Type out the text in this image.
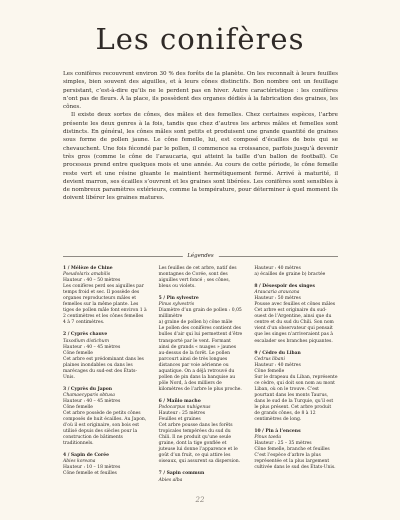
Les conifères

Les conifères recouvrent environ 30 % des forêts de la planète. On les reconnaît à leurs feuilles simples, bien souvent des aiguilles, et à leurs cônes distinctifs. Bon nombre ont un feuillage persistant, c’est-à-dire qu’ils ne le perdent pas en hiver. Autre caractéristique : les conifères n’ont pas de fleurs. À la place, ils possèdent des organes dédiés à la fabrication des graines, les cônes.

Il existe deux sortes de cônes, des mâles et des femelles. Chez certaines espèces, l’arbre présente les deux genres à la fois, tandis que chez d’autres les arbres mâles et femelles sont distincts. En général, les cônes mâles sont petits et produisent une grande quantité de graines sous forme de pollen jaune. Le cône femelle, lui, est composé d’écailles de bois qui se chevauchent. Une fois fécondé par le pollen, il commence sa croissance, parfois jusqu’à devenir très gros (comme le cône de l’araucaria, qui atteint la taille d’un ballon de football). Ce processus prend entre quelques mois et une année. Au cours de cette période, le cône femelle reste vert et une résine gluante le maintient hermétiquement fermé. Arrivé à maturité, il devient marron, ses écailles s’ouvrent et les graines sont libérées. Les conifères sont sensibles à de nombreux paramètres extérieurs, comme la température, pour déterminer à quel moment ils doivent libérer les graines matures.

Légendes
1 / Mélèze de Chine
Pseudolarix amabilis
Hauteur : 40 – 50 mètres
Les conifères perd ses aiguilles par temps froid et sec. Il possède des organes reproducteurs mâles et femelles sur la même plante. Les tiges de pollen mâle font environ 1 à 2 centimètres et les cônes femelles 4 à 7 centimètres.
2 / Cyprès chauve
Taxodium distichum
Hauteur : 40 – 45 mètres
Cône femelle
Cet arbre est prédominant dans les plaines inondables ou dans les marécages du sud-est des États-Unis.
3 / Cyprès du Japon
Chamaecyparis obtusa
Hauteur : 40 – 45 mètres
Cône femelle
Cet arbre possède de petits cônes composés de huit écailles. Au Japon, d’où il est originaire, son bois est utilisé depuis des siècles pour la construction de bâtiments traditionnels.
4 / Sapin de Corée
Abies koreana
Hauteur : 10 – 18 mètres
Cône femelle et feuilles
Les feuilles de cet arbre, natif des montagnes de Corée, sont des aiguilles vert foncé ; ses cônes, bleus ou violets.
5 / Pin sylvestre
Pinus sylvestris
Diamètre d’un grain de pollen : 0,05 millimètre
a) graine de pollen b) cône mâle
Le pollen des conifères contient des bulles d’air qui lui permettent d’être transporté par le vent. Formant ainsi de grands « nuages » jaunes au-dessus de la forêt. Le pollen parcourt ainsi de très longues distances par voie aérienne ou aquatique. On a déjà retrouvé du pollen de pin dans la banquise au pôle Nord, à des milliers de kilomètres de l’arbre le plus proche.
6 / Mañio macho
Podocarpus nubigenus
Hauteur : 25 mètres
Feuilles et graines
Cet arbre pousse dans les forêts tropicales tempérées du sud du Chili. Il ne produit qu’une seule graine, dont la tige gonflée et juteuse lui donne l’apparence et le goût d’un fruit, ce qui attire les oiseaux, qui assurent sa dispersion.
7 / Sapin commun
Abies alba
Hauteur : 40 mètres
a) écailles de graine b) bractée
8 / Désespoir des singes
Araucaria araucana
Hauteur : 50 mètres
Pousse avec feuilles et cônes mâles
Cet arbre est originaire du sud-ouest de l’Argentine, ainsi que du centre et du sud du Chili. Son nom vient d’un observateur qui pensait que les singes n’arriveraient pas à escalader ses branches piquantes.
9 / Cèdre du Liban
Cedrus libani
Hauteur : 40 mètres
Cône femelle
Sur le drapeau du Liban, représente ce cèdre, qui doit son nom au mont Liban, où on le trouve. C’est pourtant dans les monts Taurus, dans le sud de la Turquie, qu’il est le plus présent. Cet arbre produit de grands cônes, de 8 à 12 centimètres de long.
10 / Pin à l’encens
Pinus taeda
Hauteur : 25 – 35 mètres
Cône femelle, branche et feuilles
C’est l’espèce d’arbre la plus représentée et la plus largement cultivée dans le sud des États-Unis.
22
